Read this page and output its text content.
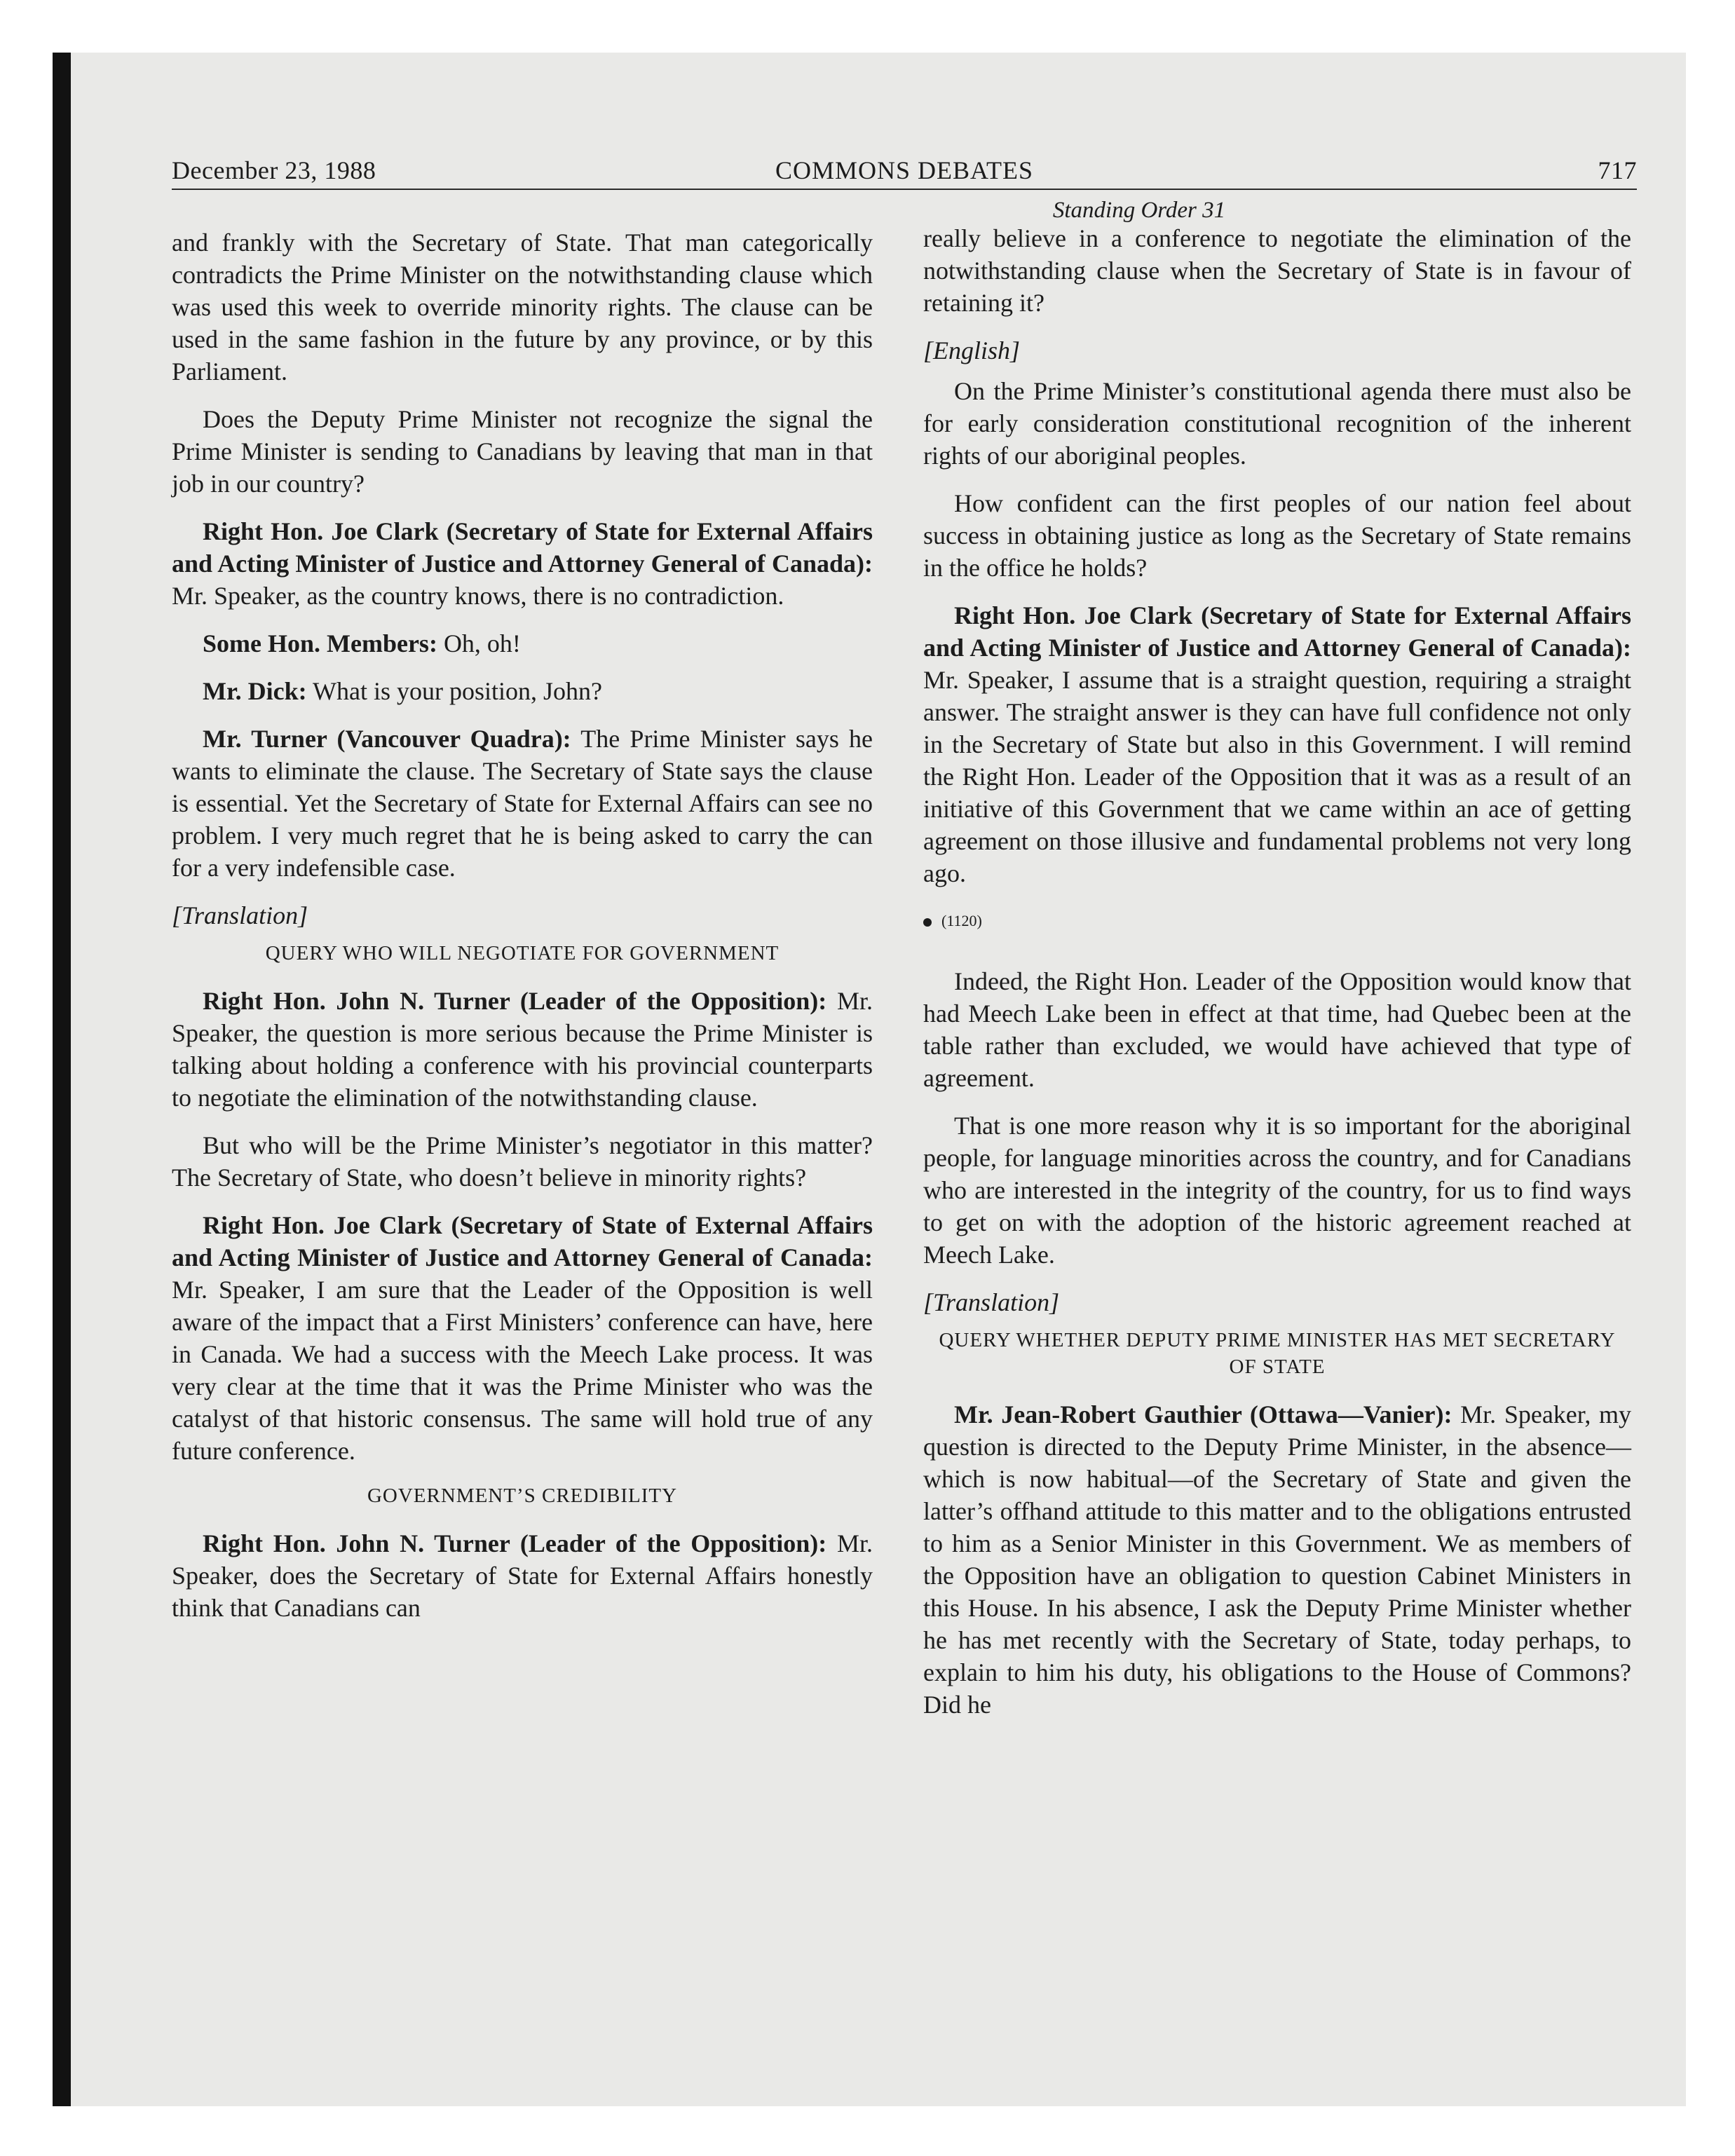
December 23, 1988	COMMONS DEBATES	717
Standing Order 31

and frankly with the Secretary of State. That man categorically contradicts the Prime Minister on the notwithstanding clause which was used this week to override minority rights. The clause can be used in the same fashion in the future by any province, or by this Parliament.

Does the Deputy Prime Minister not recognize the signal the Prime Minister is sending to Canadians by leaving that man in that job in our country?

Right Hon. Joe Clark (Secretary of State for External Affairs and Acting Minister of Justice and Attorney General of Canada): Mr. Speaker, as the country knows, there is no contradiction.

Some Hon. Members: Oh, oh!

Mr. Dick: What is your position, John?

Mr. Turner (Vancouver Quadra): The Prime Minister says he wants to eliminate the clause. The Secretary of State says the clause is essential. Yet the Secretary of State for External Affairs can see no problem. I very much regret that he is being asked to carry the can for a very indefensible case.

[Translation]

QUERY WHO WILL NEGOTIATE FOR GOVERNMENT

Right Hon. John N. Turner (Leader of the Opposition): Mr. Speaker, the question is more serious because the Prime Minister is talking about holding a conference with his provincial counterparts to negotiate the elimination of the notwithstanding clause.

But who will be the Prime Minister’s negotiator in this matter? The Secretary of State, who doesn’t believe in minority rights?

Right Hon. Joe Clark (Secretary of State of External Affairs and Acting Minister of Justice and Attorney General of Canada: Mr. Speaker, I am sure that the Leader of the Opposition is well aware of the impact that a First Ministers’ conference can have, here in Canada. We had a success with the Meech Lake process. It was very clear at the time that it was the Prime Minister who was the catalyst of that historic consensus. The same will hold true of any future conference.

GOVERNMENT’S CREDIBILITY

Right Hon. John N. Turner (Leader of the Opposition): Mr. Speaker, does the Secretary of State for External Affairs honestly think that Canadians can

really believe in a conference to negotiate the elimination of the notwithstanding clause when the Secretary of State is in favour of retaining it?

[English]

On the Prime Minister’s constitutional agenda there must also be for early consideration constitutional recognition of the inherent rights of our aboriginal peoples.

How confident can the first peoples of our nation feel about success in obtaining justice as long as the Secretary of State remains in the office he holds?

Right Hon. Joe Clark (Secretary of State for External Affairs and Acting Minister of Justice and Attorney General of Canada): Mr. Speaker, I assume that is a straight question, requiring a straight answer. The straight answer is they can have full confidence not only in the Secretary of State but also in this Government. I will remind the Right Hon. Leader of the Opposition that it was as a result of an initiative of this Government that we came within an ace of getting agreement on those illusive and fundamental problems not very long ago.

(1120)

Indeed, the Right Hon. Leader of the Opposition would know that had Meech Lake been in effect at that time, had Quebec been at the table rather than excluded, we would have achieved that type of agreement.

That is one more reason why it is so important for the aboriginal people, for language minorities across the country, and for Canadians who are interested in the integrity of the country, for us to find ways to get on with the adoption of the historic agreement reached at Meech Lake.

[Translation]

QUERY WHETHER DEPUTY PRIME MINISTER HAS MET SECRETARY OF STATE

Mr. Jean-Robert Gauthier (Ottawa—Vanier): Mr. Speaker, my question is directed to the Deputy Prime Minister, in the absence—which is now habitual—of the Secretary of State and given the latter’s offhand attitude to this matter and to the obligations entrusted to him as a Senior Minister in this Government. We as members of the Opposition have an obligation to question Cabinet Ministers in this House. In his absence, I ask the Deputy Prime Minister whether he has met recently with the Secretary of State, today perhaps, to explain to him his duty, his obligations to the House of Commons? Did he
